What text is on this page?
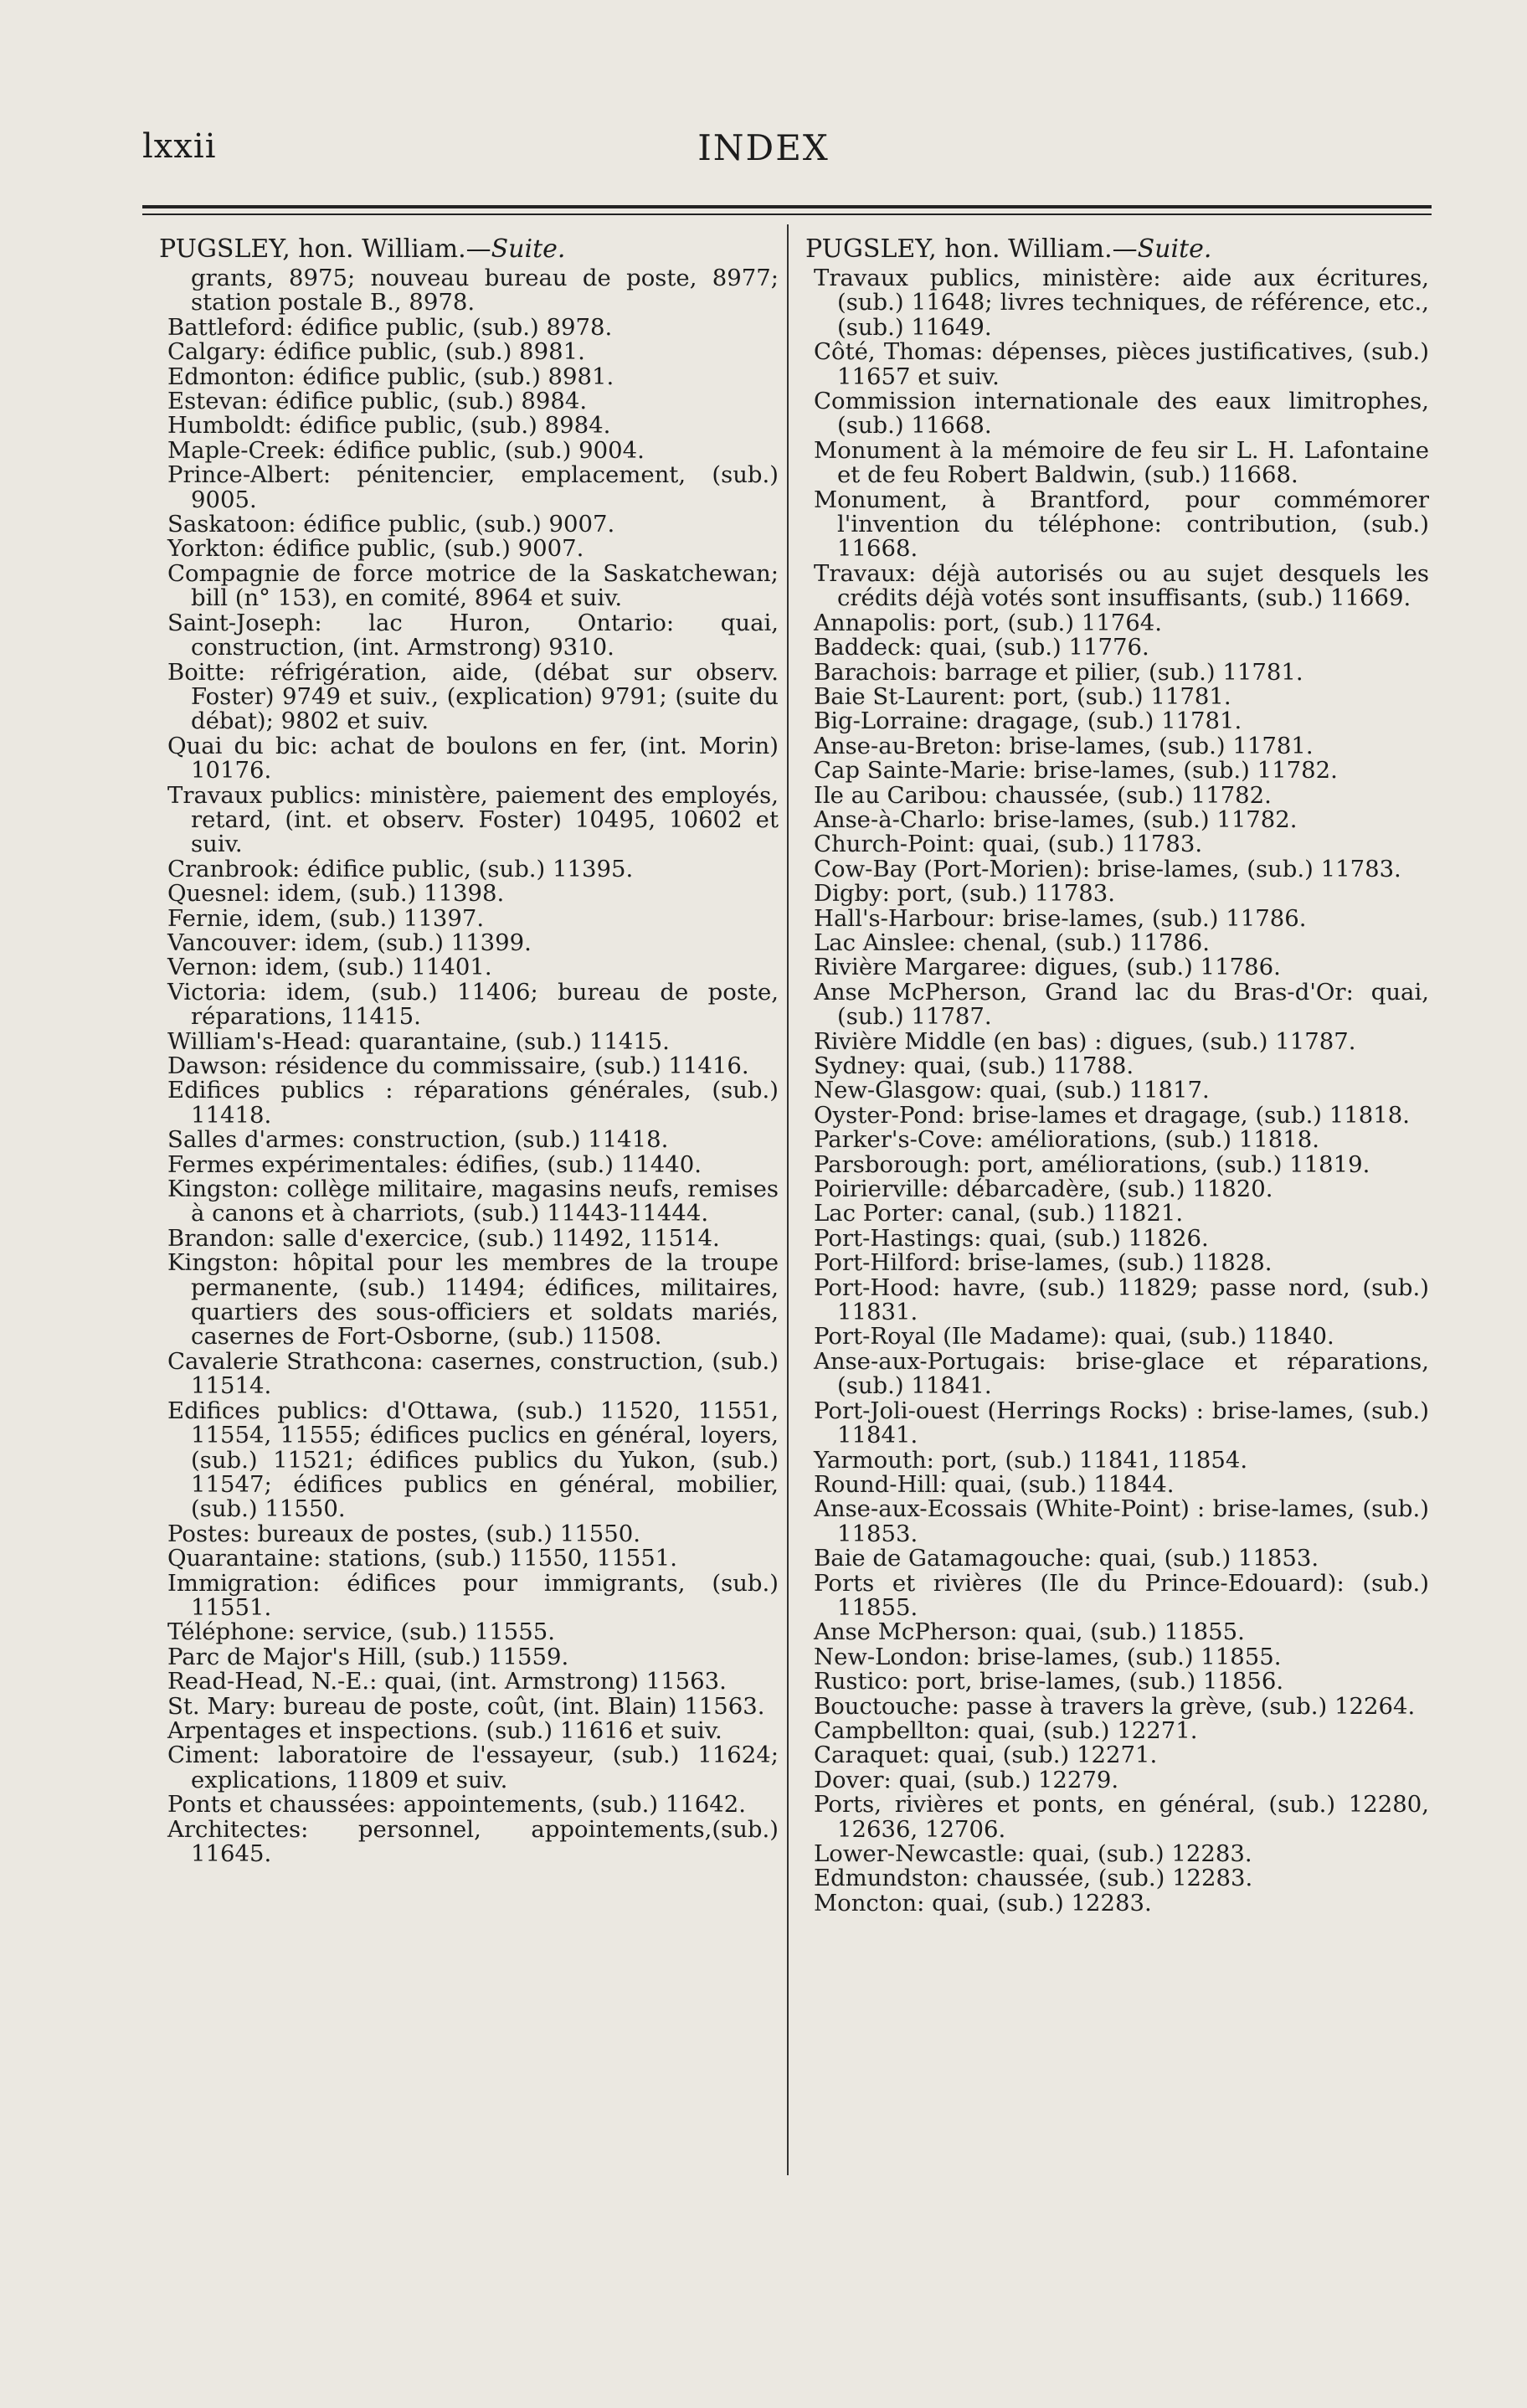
lxxii	INDEX
PUGSLEY, hon. William.—Suite.
grants, 8975; nouveau bureau de poste, 8977; station postale B., 8978.
Battleford: édifice public, (sub.) 8978.
Calgary: édifice public, (sub.) 8981.
Edmonton: édifice public, (sub.) 8981.
Estevan: édifice public, (sub.) 8984.
Humboldt: édifice public, (sub.) 8984.
Maple-Creek: édifice public, (sub.) 9004.
Prince-Albert: pénitencier, emplacement, (sub.) 9005.
Saskatoon: édifice public, (sub.) 9007.
Yorkton: édifice public, (sub.) 9007.
Compagnie de force motrice de la Saskatchewan; bill (n° 153), en comité, 8964 et suiv.
Saint-Joseph: lac Huron, Ontario: quai, construction, (int. Armstrong) 9310.
Boitte: réfrigération, aide, (débat sur observ. Foster) 9749 et suiv., (explication) 9791; (suite du débat); 9802 et suiv.
Quai du bic: achat de boulons en fer, (int. Morin) 10176.
Travaux publics: ministère, paiement des employés, retard, (int. et observ. Foster) 10495, 10602 et suiv.
Cranbrook: édifice public, (sub.) 11395.
Quesnel: idem, (sub.) 11398.
Fernie, idem, (sub.) 11397.
Vancouver: idem, (sub.) 11399.
Vernon: idem, (sub.) 11401.
Victoria: idem, (sub.) 11406; bureau de poste, réparations, 11415.
William's-Head: quarantaine, (sub.) 11415.
Dawson: résidence du commissaire, (sub.) 11416.
Edifices publics : réparations générales, (sub.) 11418.
Salles d'armes: construction, (sub.) 11418.
Fermes expérimentales: édifies, (sub.) 11440.
Kingston: collège militaire, magasins neufs, remises à canons et à charriots, (sub.) 11443-11444.
Brandon: salle d'exercice, (sub.) 11492, 11514.
Kingston: hôpital pour les membres de la troupe permanente, (sub.) 11494; édifices, militaires, quartiers des sous-officiers et soldats mariés, casernes de Fort-Osborne, (sub.) 11508.
Cavalerie Strathcona: casernes, construction, (sub.) 11514.
Edifices publics: d'Ottawa, (sub.) 11520, 11551, 11554, 11555; édifices puclics en général, loyers, (sub.) 11521; édifices publics du Yukon, (sub.) 11547; édifices publics en général, mobilier, (sub.) 11550.
Postes: bureaux de postes, (sub.) 11550.
Quarantaine: stations, (sub.) 11550, 11551.
Immigration: édifices pour immigrants, (sub.) 11551.
Téléphone: service, (sub.) 11555.
Parc de Major's Hill, (sub.) 11559.
Read-Head, N.-E.: quai, (int. Armstrong) 11563.
St. Mary: bureau de poste, coût, (int. Blain) 11563.
Arpentages et inspections. (sub.) 11616 et suiv.
Ciment: laboratoire de l'essayeur, (sub.) 11624; explications, 11809 et suiv.
Ponts et chaussées: appointements, (sub.) 11642.
Architectes: personnel, appointements,(sub.) 11645.
PUGSLEY, hon. William.—Suite.
Travaux publics, ministère: aide aux écritures, (sub.) 11648; livres techniques, de référence, etc., (sub.) 11649.
Côté, Thomas: dépenses, pièces justificatives, (sub.) 11657 et suiv.
Commission internationale des eaux limitrophes, (sub.) 11668.
Monument à la mémoire de feu sir L. H. Lafontaine et de feu Robert Baldwin, (sub.) 11668.
Monument, à Brantford, pour commémorer l'invention du téléphone: contribution, (sub.) 11668.
Travaux: déjà autorisés ou au sujet desquels les crédits déjà votés sont insuffisants, (sub.) 11669.
Annapolis: port, (sub.) 11764.
Baddeck: quai, (sub.) 11776.
Barachois: barrage et pilier, (sub.) 11781.
Baie St-Laurent: port, (sub.) 11781.
Big-Lorraine: dragage, (sub.) 11781.
Anse-au-Breton: brise-lames, (sub.) 11781.
Cap Sainte-Marie: brise-lames, (sub.) 11782.
Ile au Caribou: chaussée, (sub.) 11782.
Anse-à-Charlo: brise-lames, (sub.) 11782.
Church-Point: quai, (sub.) 11783.
Cow-Bay (Port-Morien): brise-lames, (sub.) 11783.
Digby: port, (sub.) 11783.
Hall's-Harbour: brise-lames, (sub.) 11786.
Lac Ainslee: chenal, (sub.) 11786.
Rivière Margaree: digues, (sub.) 11786.
Anse McPherson, Grand lac du Bras-d'Or: quai, (sub.) 11787.
Rivière Middle (en bas) : digues, (sub.) 11787.
Sydney: quai, (sub.) 11788.
New-Glasgow: quai, (sub.) 11817.
Oyster-Pond: brise-lames et dragage, (sub.) 11818.
Parker's-Cove: améliorations, (sub.) 11818.
Parsborough: port, améliorations, (sub.) 11819.
Poirierville: débarcadère, (sub.) 11820.
Lac Porter: canal, (sub.) 11821.
Port-Hastings: quai, (sub.) 11826.
Port-Hilford: brise-lames, (sub.) 11828.
Port-Hood: havre, (sub.) 11829; passe nord, (sub.) 11831.
Port-Royal (Ile Madame): quai, (sub.) 11840.
Anse-aux-Portugais: brise-glace et réparations, (sub.) 11841.
Port-Joli-ouest (Herrings Rocks) : brise-lames, (sub.) 11841.
Yarmouth: port, (sub.) 11841, 11854.
Round-Hill: quai, (sub.) 11844.
Anse-aux-Ecossais (White-Point) : brise-lames, (sub.) 11853.
Baie de Gatamagouche: quai, (sub.) 11853.
Ports et rivières (Ile du Prince-Edouard): (sub.) 11855.
Anse McPherson: quai, (sub.) 11855.
New-London: brise-lames, (sub.) 11855.
Rustico: port, brise-lames, (sub.) 11856.
Bouctouche: passe à travers la grève, (sub.) 12264.
Campbellton: quai, (sub.) 12271.
Caraquet: quai, (sub.) 12271.
Dover: quai, (sub.) 12279.
Ports, rivières et ponts, en général, (sub.) 12280, 12636, 12706.
Lower-Newcastle: quai, (sub.) 12283.
Edmundston: chaussée, (sub.) 12283.
Moncton: quai, (sub.) 12283.
